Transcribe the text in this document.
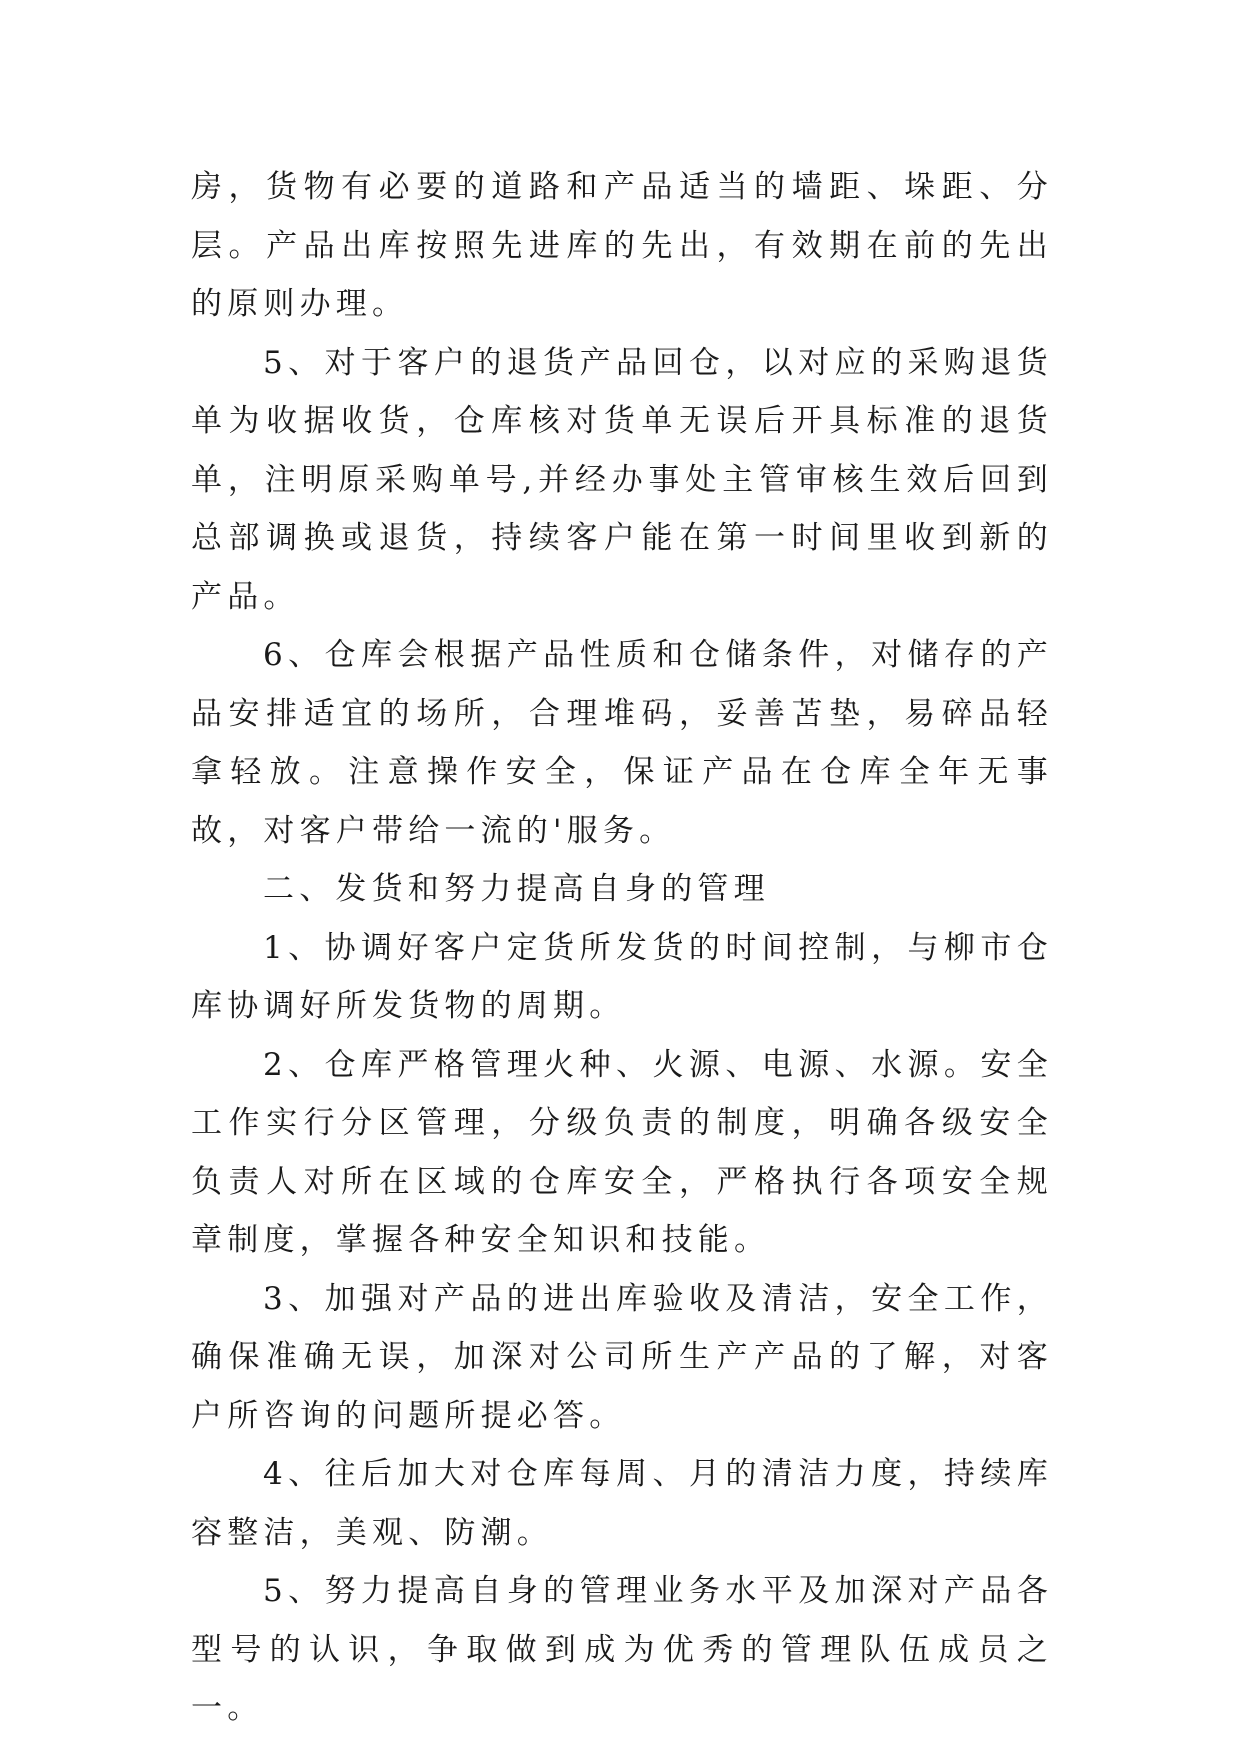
房，货物有必要的道路和产品适当的墙距、垛距、分层。产品出库按照先进库的先出，有效期在前的先出的原则办理。

5、对于客户的退货产品回仓，以对应的采购退货单为收据收货，仓库核对货单无误后开具标准的退货单，注明原采购单号,并经办事处主管审核生效后回到总部调换或退货，持续客户能在第一时间里收到新的产品。

6、仓库会根据产品性质和仓储条件，对储存的产品安排适宜的场所，合理堆码，妥善苫垫，易碎品轻拿轻放。注意操作安全，保证产品在仓库全年无事故，对客户带给一流的'服务。

二、发货和努力提高自身的管理

1、协调好客户定货所发货的时间控制，与柳市仓库协调好所发货物的周期。

2、仓库严格管理火种、火源、电源、水源。安全工作实行分区管理，分级负责的制度，明确各级安全负责人对所在区域的仓库安全，严格执行各项安全规章制度，掌握各种安全知识和技能。

3、加强对产品的进出库验收及清洁，安全工作，确保准确无误，加深对公司所生产产品的了解，对客户所咨询的问题所提必答。

4、往后加大对仓库每周、月的清洁力度，持续库容整洁，美观、防潮。

5、努力提高自身的管理业务水平及加深对产品各型号的认识，争取做到成为优秀的管理队伍成员之一。
